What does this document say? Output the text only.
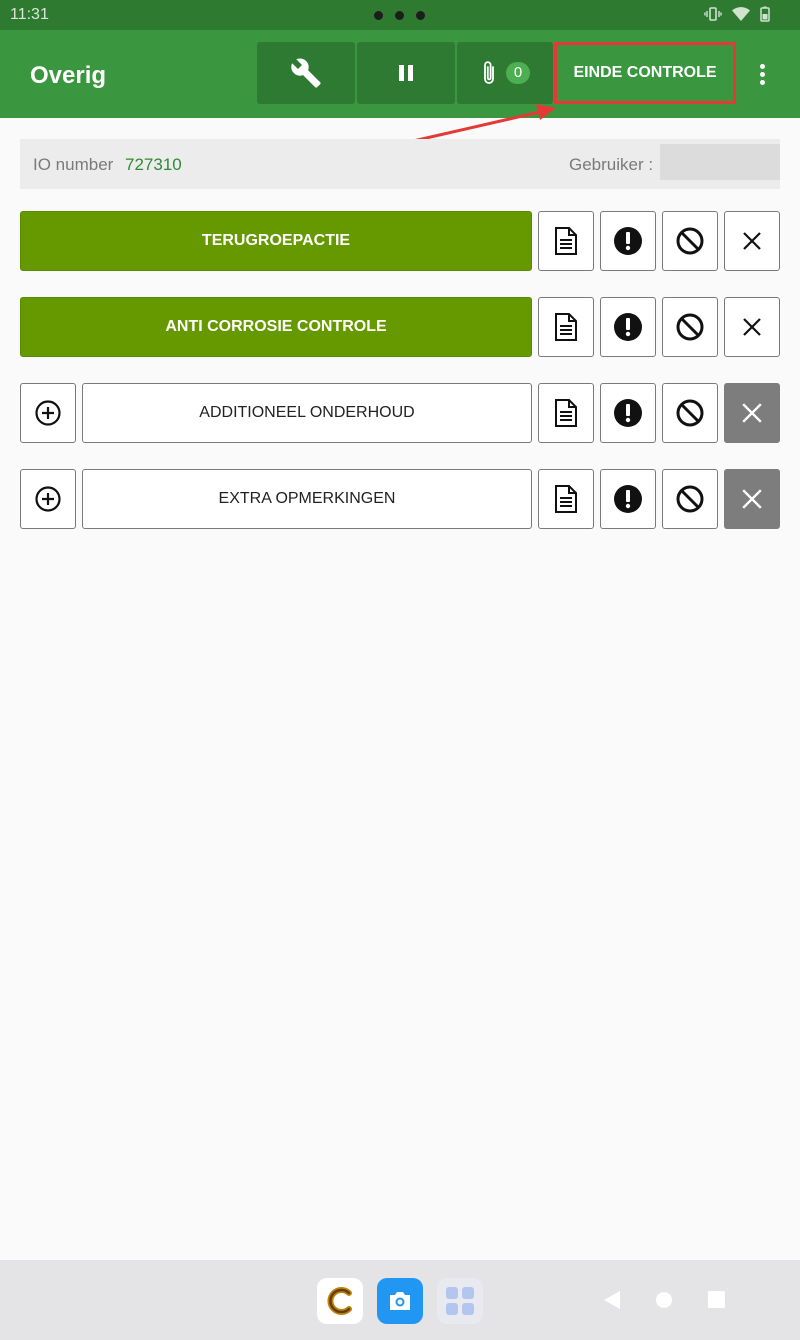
11:31
Overig	0	EINDE CONTROLE
IO number 727310	Gebruiker :
TERUGROEPACTIE
ANTI CORROSIE CONTROLE
ADDITIONEEL ONDERHOUD
EXTRA OPMERKINGEN
